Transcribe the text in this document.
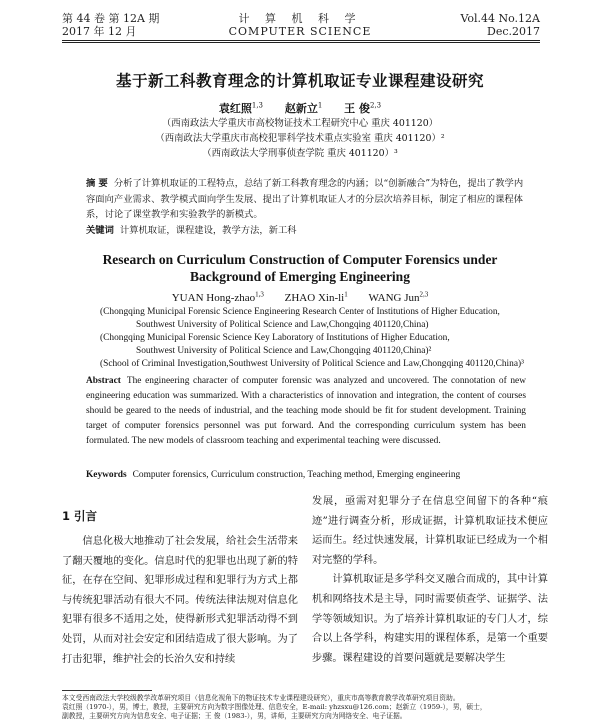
第 44 卷 第 12A 期
2017 年 12 月
计 算 机 科 学
COMPUTER SCIENCE
Vol.44 No.12A
Dec.2017
基于新工科教育理念的计算机取证专业课程建设研究
袁红照$^{1,3}$ 赵新立$^1$ 王 俊$^{2,3}$
（西南政法大学重庆市高校物证技术工程研究中心 重庆 401120）
（西南政法大学重庆市高校犯罪科学技术重点实验室 重庆 401120）²
（西南政法大学刑事侦查学院 重庆 401120）³
摘 要 分析了计算机取证的工程特点，总结了新工科教育理念的内涵；以“创新融合”为特色，提出了教学内容面向产业需求、教学模式面向学生发展、提出了计算机取证人才的分层次培养目标，制定了相应的课程体系，讨论了课堂教学和实验教学的新模式。
关键词 计算机取证，课程建设，教学方法，新工科
Research on Curriculum Construction of Computer Forensics under
Background of Emerging Engineering
YUAN Hong-zhao$^{1,3}$ ZHAO Xin-$li^1$ WANG Jun$^{2,3}$
(Chongqing Municipal Forensic Science Engineering Research Center of Institutions of Higher Education,
Southwest University of Political Science and Law,Chongqing 401120,China)
(Chongqing Municipal Forensic Science Key Laboratory of Institutions of Higher Education,
Southwest University of Political Science and Law,Chongqing 401120,China)²
(School of Criminal Investigation,Southwest University of Political Science and Law,Chongqing 401120,China)³
Abstract The engineering character of computer forensic was analyzed and uncovered. The connotation of new engineering education was summarized. With a characteristics of innovation and integration, the content of courses should be geared to the needs of industrial, and the teaching mode should be fit for student development. Training target of computer forensics personnel was put forward. And the corresponding curriculum system has been formulated. The new models of classroom teaching and experimental teaching were discussed.
Keywords Computer forensics, Curriculum construction, Teaching method, Emerging engineering
1 引言

信息化极大地推动了社会发展，给社会生活带来了翻天覆地的变化。信息时代的犯罪也出现了新的特征，在存在空间、犯罪形成过程和犯罪行为方式上都与传统犯罪活动有很大不同。传统法律法规对信息化犯罪有很多不适用之处，使得新形式犯罪活动得不到处罚，从而对社会安定和团结造成了很大影响。为了打击犯罪，维护社会的长治久安和持续

发展，亟需对犯罪分子在信息空间留下的各种“痕迹”进行调查分析，形成证据，计算机取证技术便应运而生。经过快速发展，计算机取证已经成为一个相对完整的学科。

计算机取证是多学科交叉融合而成的，其中计算机和网络技术是主导，同时需要侦查学、证据学、法学等领域知识。为了培养计算机取证的专门人才，综合以上各学科，构建实用的课程体系，是第一个重要步骤。课程建设的首要问题就是要解决学生

本文受西南政法大学校级教学改革研究项目（信息化视角下的物证技术专业课程建设研究），重庆市高等教育教学改革研究项目资助。
袁红照（1970-），男，博士，教授，主要研究方向为数字图像处理、信息安全，E-mail: yhzsxu@126.com；赵新立（1959-），男，硕士，
副教授，主要研究方向为信息安全、电子证据；王 俊（1983-），男，讲师，主要研究方向为网络安全、电子证据。
